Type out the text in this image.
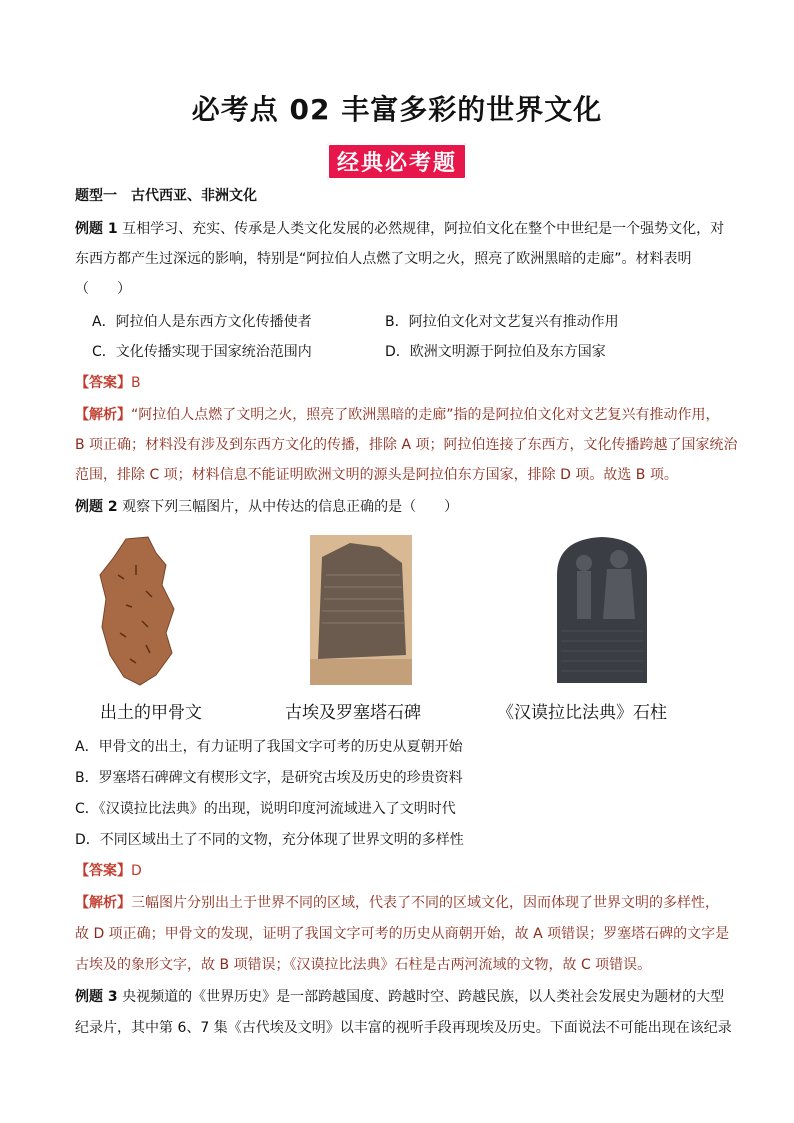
必考点 02 丰富多彩的世界文化
经典必考题
题型一　古代西亚、非洲文化
例题 1 互相学习、充实、传承是人类文化发展的必然规律，阿拉伯文化在整个中世纪是一个强势文化，对
东西方都产生过深远的影响，特别是“阿拉伯人点燃了文明之火，照亮了欧洲黑暗的走廊”。材料表明
（　　）
A．阿拉伯人是东西方文化传播使者	B．阿拉伯文化对文艺复兴有推动作用
C．文化传播实现于国家统治范围内	D．欧洲文明源于阿拉伯及东方国家
【答案】B
【解析】“阿拉伯人点燃了文明之火，照亮了欧洲黑暗的走廊”指的是阿拉伯文化对文艺复兴有推动作用，
B 项正确；材料没有涉及到东西方文化的传播，排除 A 项；阿拉伯连接了东西方，文化传播跨越了国家统治
范围，排除 C 项；材料信息不能证明欧洲文明的源头是阿拉伯东方国家，排除 D 项。故选 B 项。
例题 2 观察下列三幅图片，从中传达的信息正确的是（　　）
出土的甲骨文	古埃及罗塞塔石碑	《汉谟拉比法典》石柱
A．甲骨文的出土，有力证明了我国文字可考的历史从夏朝开始
B．罗塞塔石碑碑文有楔形文字，是研究古埃及历史的珍贵资料
C．《汉谟拉比法典》的出现，说明印度河流域进入了文明时代
D．不同区域出土了不同的文物，充分体现了世界文明的多样性
【答案】D
【解析】三幅图片分别出土于世界不同的区域，代表了不同的区域文化，因而体现了世界文明的多样性，
故 D 项正确；甲骨文的发现，证明了我国文字可考的历史从商朝开始，故 A 项错误；罗塞塔石碑的文字是
古埃及的象形文字，故 B 项错误；《汉谟拉比法典》石柱是古两河流域的文物，故 C 项错误。
例题 3 央视频道的《世界历史》是一部跨越国度、跨越时空、跨越民族，以人类社会发展史为题材的大型
纪录片，其中第 6、7 集《古代埃及文明》以丰富的视听手段再现埃及历史。下面说法不可能出现在该纪录
